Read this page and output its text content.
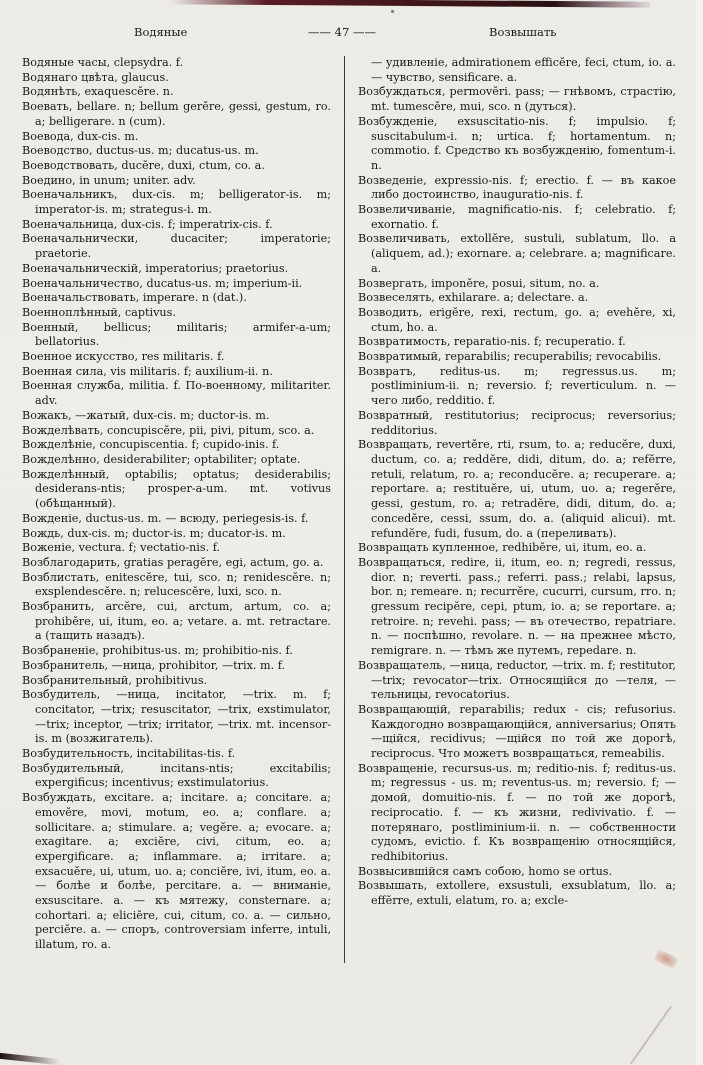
Водяные	—— 47 ——	Возвышать

Водяные часы, clepsydra. f.

Водянаго цвѣта, glaucus.

Водянѣть, exaquescĕre. n.

Воевать, bellare. n; bellum gerĕre, gessi, gestum, ro. a; belligerare. n (cum).

Воевода, dux-cis. m.

Воеводство, ductus-us. m; ducatus-us. m.

Воеводствовать, ducĕre, duxi, ctum, co. a.

Воедино, in unum; uniter. adv.

Военачальникъ, dux-cis. m; belligerator-is. m; imperator-is. m; strategus-i. m.

Военачальница, dux-cis. f; imperatrix-cis. f.

Военачальнически, ducaciter; imperatorie; praetorie.

Военачальническій, imperatorius; praetorius.

Военачальничество, ducatus-us. m; imperium-ii.

Военачальствовать, imperare. n (dat.).

Военноплѣнный, captivus.

Военный, bellicus; militaris; armifer-a-um; bellatorius.

Военное искусство, res militaris. f.

Военная сила, vis militaris. f; auxilium-ii. n.

Военная служба, militia. f. По-военному, militariter. adv.

Вожакъ, —жатый, dux-cis. m; ductor-is. m.

Вожделѣвать, concupiscĕre, pii, pivi, pitum, sco. a.

Вожделѣніе, concupiscentia. f; cupido-inis. f.

Вожделѣнно, desiderabiliter; optabiliter; optate.

Вожделѣнный, optabilis; optatus; desiderabilis; desiderans-ntis; prosper-a-um. mt. votivus (обѣщанный).

Вожденіе, ductus-us. m. — всюду, periegesis-is. f.

Вождь, dux-cis. m; ductor-is. m; ducator-is. m.

Воженіе, vectura. f; vectatio-nis. f.

Возблагодарить, gratias peragĕre, egi, actum, go. a.

Возблистать, enitescĕre, tui, sco. n; renidescĕre. n; exsplendescĕre. n; relucescĕre, luxi, sco. n.

Возбранить, arcĕre, cui, arctum, artum, co. a; prohibĕre, ui, itum, eo. a; vetare. a. mt. retractare. a (тащить назадъ).

Возбраненіе, prohibitus-us. m; prohibitio-nis. f.

Возбранитель, —ница, prohibitor, —trix. m. f.

Возбранительный, prohibitivus.

Возбудитель, —ница, incitator, —trix. m. f; concitator, —trix; resuscitator, —trix, exstimulator, —trix; inceptor, —trix; irritator, —trix. mt. incensor-is. m (возжигатель).

Возбудительность, incitabilitas-tis. f.

Возбудительный, incitans-ntis; excitabilis; expergificus; incentivus; exstimulatorius.

Возбуждать, excitare. a; incitare. a; concitare. a; emovĕre, movi, motum, eo. a; conflare. a; sollicitare. a; stimulare. a; vegĕre. a; evocare. a; exagitare. a; exciĕre, civi, citum, eo. a; expergificare. a; inflammare. a; irritare. a; exsacuĕre, ui, utum, uo. a; conciĕre, ivi, itum, eo. a. — болѣе и болѣе, percitare. a. — вниманіе, exsuscitare. a. — къ мятежу, consternare. a; cohortari. a; eliciĕre, cui, citum, co. a. — сильно, perciĕre. a. — споръ, controversiam inferre, intuli, illatum, ro. a.

— удивленіе, admirationem efficĕre, feci, ctum, io. a. — чувство, sensificare. a.

Возбуждаться, permovĕri. pass; — гнѣвомъ, страстію, mt. tumescĕre, mui, sco. n (дуться).

Возбужденіе, exsuscitatio-nis. f; impulsio. f; suscitabulum-i. n; urtica. f; hortamentum. n; commotio. f. Средство къ возбужденію, fomentum-i. n.

Возведеніе, expressio-nis. f; erectio. f. — въ какое либо достоинство, inauguratio-nis. f.

Возвеличиваніе, magnificatio-nis. f; celebratio. f; exornatio. f.

Возвеличивать, extollĕre, sustuli, sublatum, llo. a (aliquem, ad.); exornare. a; celebrare. a; magnificare. a.

Возвергать, imponĕre, posui, situm, no. a.

Возвеселять, exhilarare. a; delectare. a.

Возводить, erigĕre, rexi, rectum, go. a; evehĕre, xi, ctum, ho. a.

Возвратимость, reparatio-nis. f; recuperatio. f.

Возвратимый, reparabilis; recuperabilis; revocabilis.

Возвратъ, reditus-us. m; regressus.us. m; postliminium-ii. n; reversio. f; reverticulum. n. — чего либо, redditio. f.

Возвратный, restitutorius; reciprocus; reversorius; redditorius.

Возвращать, revertĕre, rti, rsum, to. a; reducĕre, duxi, ductum, co. a; reddĕre, didi, ditum, do. a; refĕrre, retuli, relatum, ro. a; reconducĕre. a; recuperare. a; reportare. a; restituĕre, ui, utum, uo. a; regerĕre, gessi, gestum, ro. a; retradĕre, didi, ditum, do. a; concedĕre, cessi, ssum, do. a. (aliquid alicui). mt. refundĕre, fudi, fusum, do. a (переливать).

Возвращать купленное, redhibĕre, ui, itum, eo. a.

Возвращаться, redire, ii, itum, eo. n; regredi, ressus, dior. n; reverti. pass.; referri. pass.; relabi, lapsus, bor. n; remeare. n; recurrĕre, cucurri, cursum, rro. n; gressum recipĕre, cepi, ptum, io. a; se reportare. a; retroire. n; revehi. pass; — въ отечество, repatriare. n. — поспѣшно, revolare. n. — на прежнее мѣсто, remigrare. n. — тѣмъ же путемъ, repedare. n.

Возвращатель, —ница, reductor, —trix. m. f; restitutor, —trix; revocator—trix. Относящійся до —теля, —тельницы, revocatorius.

Возвращающій, reparabilis; redux - cis; refusorius. Каждогодно возвращающійся, anniversarius; Опять —щійся, recidivus; —щійся по той же дорогѣ, reciprocus. Что можетъ возвращаться, remeabilis.

Возвращеніе, recursus-us. m; reditio-nis. f; reditus-us. m; regressus - us. m; reventus-us. m; reversio. f; — домой, domuitio-nis. f. — по той же дорогѣ, reciprocatio. f. — къ жизни, redivivatio. f. — потерянаго, postliminium-ii. n. — собственности судомъ, evictio. f. Къ возвращенію относящійся, redhibitorius.

Возвысившійся самъ собою, homo se ortus.

Возвышать, extollere, exsustuli, exsublatum, llo. a; effĕrre, extuli, elatum, ro. a; excle-
